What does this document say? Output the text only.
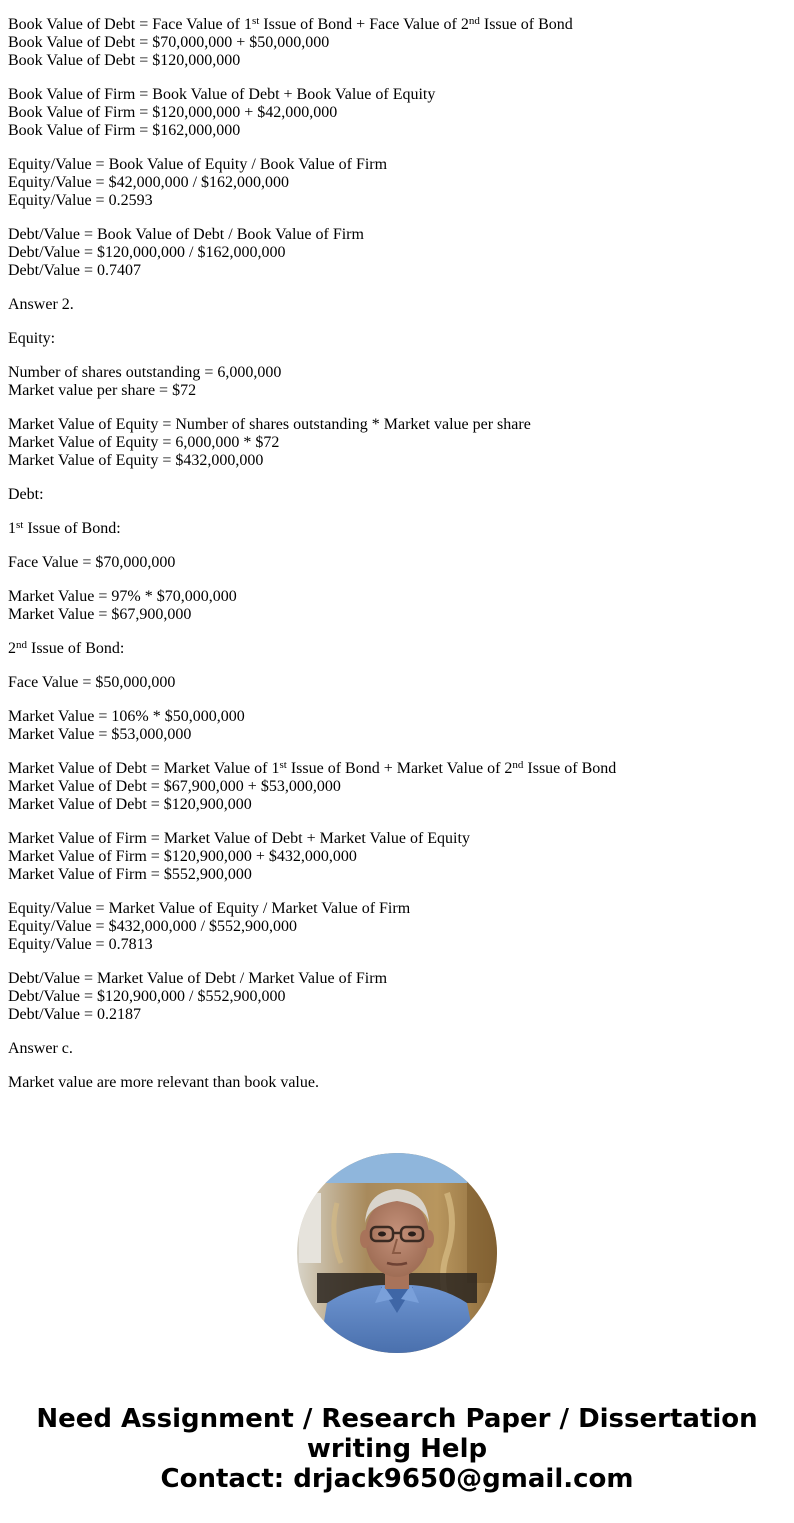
Book Value of Debt = Face Value of 1st Issue of Bond + Face Value of 2nd Issue of Bond
Book Value of Debt = $70,000,000 + $50,000,000
Book Value of Debt = $120,000,000

Book Value of Firm = Book Value of Debt + Book Value of Equity
Book Value of Firm = $120,000,000 + $42,000,000
Book Value of Firm = $162,000,000

Equity/Value = Book Value of Equity / Book Value of Firm
Equity/Value = $42,000,000 / $162,000,000
Equity/Value = 0.2593

Debt/Value = Book Value of Debt / Book Value of Firm
Debt/Value = $120,000,000 / $162,000,000
Debt/Value = 0.7407

Answer 2.

Equity:

Number of shares outstanding = 6,000,000
Market value per share = $72

Market Value of Equity = Number of shares outstanding * Market value per share
Market Value of Equity = 6,000,000 * $72
Market Value of Equity = $432,000,000

Debt:

1st Issue of Bond:

Face Value = $70,000,000

Market Value = 97% * $70,000,000
Market Value = $67,900,000

2nd Issue of Bond:

Face Value = $50,000,000

Market Value = 106% * $50,000,000
Market Value = $53,000,000

Market Value of Debt = Market Value of 1st Issue of Bond + Market Value of 2nd Issue of Bond
Market Value of Debt = $67,900,000 + $53,000,000
Market Value of Debt = $120,900,000

Market Value of Firm = Market Value of Debt + Market Value of Equity
Market Value of Firm = $120,900,000 + $432,000,000
Market Value of Firm = $552,900,000

Equity/Value = Market Value of Equity / Market Value of Firm
Equity/Value = $432,000,000 / $552,900,000
Equity/Value = 0.7813

Debt/Value = Market Value of Debt / Market Value of Firm
Debt/Value = $120,900,000 / $552,900,000
Debt/Value = 0.2187

Answer c.

Market value are more relevant than book value.

Need Assignment / Research Paper / Dissertation
writing Help
Contact: drjack9650@gmail.com
